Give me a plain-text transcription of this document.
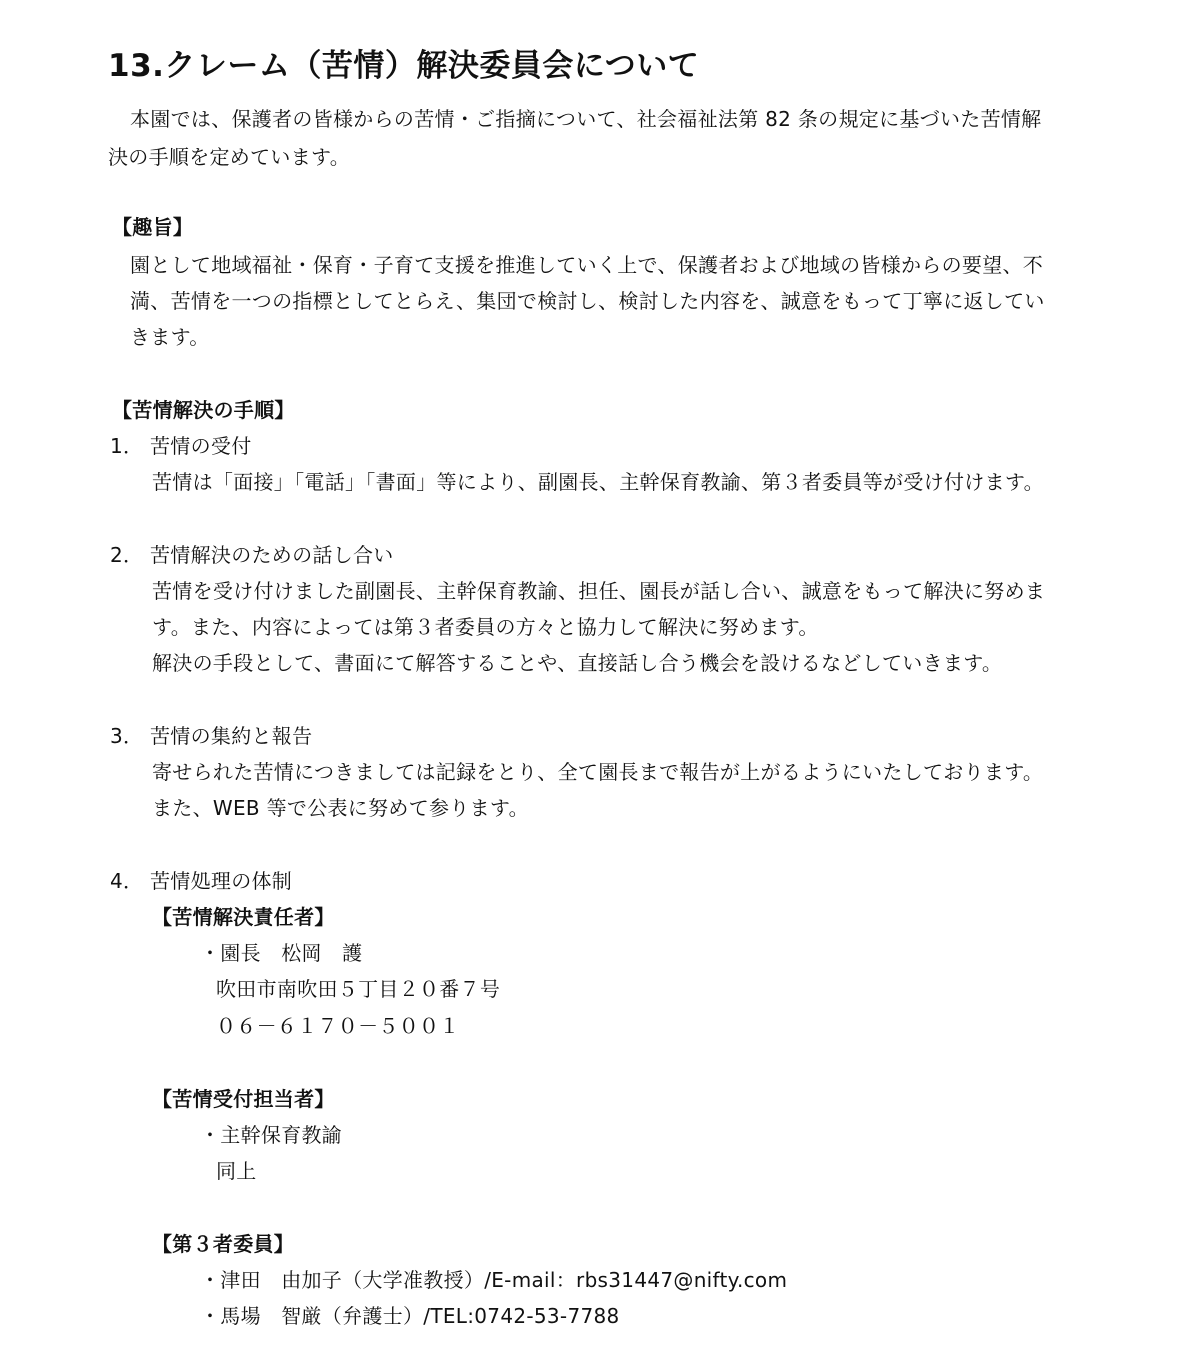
13.クレーム（苦情）解決委員会について
本園では、保護者の皆様からの苦情・ご指摘について、社会福祉法第 82 条の規定に基づいた苦情解
決の手順を定めています。
【趣旨】
園として地域福祉・保育・子育て支援を推進していく上で、保護者および地域の皆様からの要望、不
満、苦情を一つの指標としてとらえ、集団で検討し、検討した内容を、誠意をもって丁寧に返してい
きます。
【苦情解決の手順】
1． 苦情の受付
苦情は「面接」「電話」「書面」等により、副園長、主幹保育教諭、第３者委員等が受け付けます。
2． 苦情解決のための話し合い
苦情を受け付けました副園長、主幹保育教諭、担任、園長が話し合い、誠意をもって解決に努めま
す。また、内容によっては第３者委員の方々と協力して解決に努めます。
解決の手段として、書面にて解答することや、直接話し合う機会を設けるなどしていきます。
3． 苦情の集約と報告
寄せられた苦情につきましては記録をとり、全て園長まで報告が上がるようにいたしております。
また、WEB 等で公表に努めて参ります。
4． 苦情処理の体制
【苦情解決責任者】
・園長　松岡　護
吹田市南吹田５丁目２０番７号
０６－６１７０－５００１
【苦情受付担当者】
・主幹保育教諭
同上
【第３者委員】
・津田　由加子（大学准教授）/E-mail：rbs31447@nifty.com
・馬場　智厳（弁護士）/TEL:0742-53-7788
